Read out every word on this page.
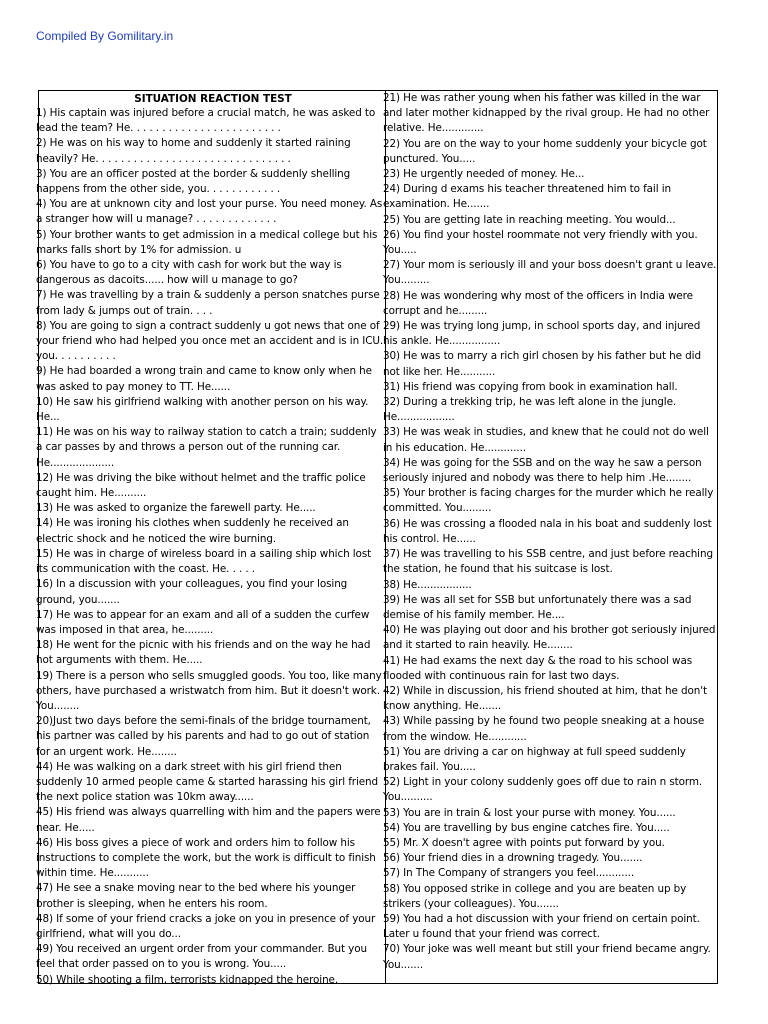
Compiled By Gomilitary.in
SITUATION REACTION TEST
1) His captain was injured before a crucial match, he was asked to lead the team? He. . . . . . . . . . . . . . . . . . . . . . . .
2) He was on his way to home and suddenly it started raining heavily? He. . . . . . . . . . . . . . . . . . . . . . . . . . . . . . .
3) You are an officer posted at the border & suddenly shelling happens from the other side, you. . . . . . . . . . . .
4) You are at unknown city and lost your purse. You need money. As a stranger how will u manage? . . . . . . . . . . . . .
5) Your brother wants to get admission in a medical college but his marks falls short by 1% for admission. u
6) You have to go to a city with cash for work but the way is dangerous as dacoits...... how will u manage to go?
7) He was travelling by a train & suddenly a person snatches purse from lady & jumps out of train. . . .
8) You are going to sign a contract suddenly u got news that one of your friend who had helped you once met an accident and is in ICU. you. . . . . . . . . .
9) He had boarded a wrong train and came to know only when he was asked to pay money to TT. He......
10) He saw his girlfriend walking with another person on his way. He...
11) He was on his way to railway station to catch a train; suddenly a car passes by and throws a person out of the running car. He....................
12) He was driving the bike without helmet and the traffic police caught him. He..........
13) He was asked to organize the farewell party. He.....
14) He was ironing his clothes when suddenly he received an electric shock and he noticed the wire burning.
15) He was in charge of wireless board in a sailing ship which lost its communication with the coast. He. . . . .
16) In a discussion with your colleagues, you find your losing ground, you.......
17) He was to appear for an exam and all of a sudden the curfew was imposed in that area, he.........
18) He went for the picnic with his friends and on the way he had hot arguments with them. He.....
19) There is a person who sells smuggled goods. You too, like many others, have purchased a wristwatch from him. But it doesn't work. You........
20)Just two days before the semi-finals of the bridge tournament, his partner was called by his parents and had to go out of station for an urgent work. He........
44) He was walking on a dark street with his girl friend then suddenly 10 armed people came & started harassing his girl friend the next police station was 10km away......
45) His friend was always quarrelling with him and the papers were near. He.....
46) His boss gives a piece of work and orders him to follow his instructions to complete the work, but the work is difficult to finish within time. He...........
47) He see a snake moving near to the bed where his younger brother is sleeping, when he enters his room.
48) If some of your friend cracks a joke on you in presence of your girlfriend, what will you do...
49) You received an urgent order from your commander. But you feel that order passed on to you is wrong. You.....
50) While shooting a film, terrorists kidnapped the heroine.
21) He was rather young when his father was killed in the war and later mother kidnapped by the rival group. He had no other relative. He.............
22) You are on the way to your home suddenly your bicycle got punctured. You.....
23) He urgently needed of money. He...
24) During d exams his teacher threatened him to fail in examination. He.......
25) You are getting late in reaching meeting. You would...
26) You find your hostel roommate not very friendly with you. You.....
27) Your mom is seriously ill and your boss doesn't grant u leave. You.........
28) He was wondering why most of the officers in India were corrupt and he.........
29) He was trying long jump, in school sports day, and injured his ankle. He................
30) He was to marry a rich girl chosen by his father but he did not like her. He...........
31) His friend was copying from book in examination hall.
32) During a trekking trip, he was left alone in the jungle. He..................
33) He was weak in studies, and knew that he could not do well in his education. He.............
34) He was going for the SSB and on the way he saw a person seriously injured and nobody was there to help him .He........
35) Your brother is facing charges for the murder which he really committed. You.........
36) He was crossing a flooded nala in his boat and suddenly lost his control. He......
37) He was travelling to his SSB centre, and just before reaching the station, he found that his suitcase is lost.
38) He.................
39) He was all set for SSB but unfortunately there was a sad demise of his family member. He....
40) He was playing out door and his brother got seriously injured and it started to rain heavily. He........
41) He had exams the next day & the road to his school was flooded with continuous rain for last two days.
42) While in discussion, his friend shouted at him, that he don't know anything. He.......
43) While passing by he found two people sneaking at a house from the window. He............
51) You are driving a car on highway at full speed suddenly brakes fail. You.....
52) Light in your colony suddenly goes off due to rain n storm. You..........
53) You are in train & lost your purse with money. You......
54) You are travelling by bus engine catches fire. You.....
55) Mr. X doesn't agree with points put forward by you.
56) Your friend dies in a drowning tragedy. You.......
57) In The Company of strangers you feel............
58) You opposed strike in college and you are beaten up by strikers (your colleagues). You.......
59) You had a hot discussion with your friend on certain point. Later u found that your friend was correct.
70) Your joke was well meant but still your friend became angry. You.......
